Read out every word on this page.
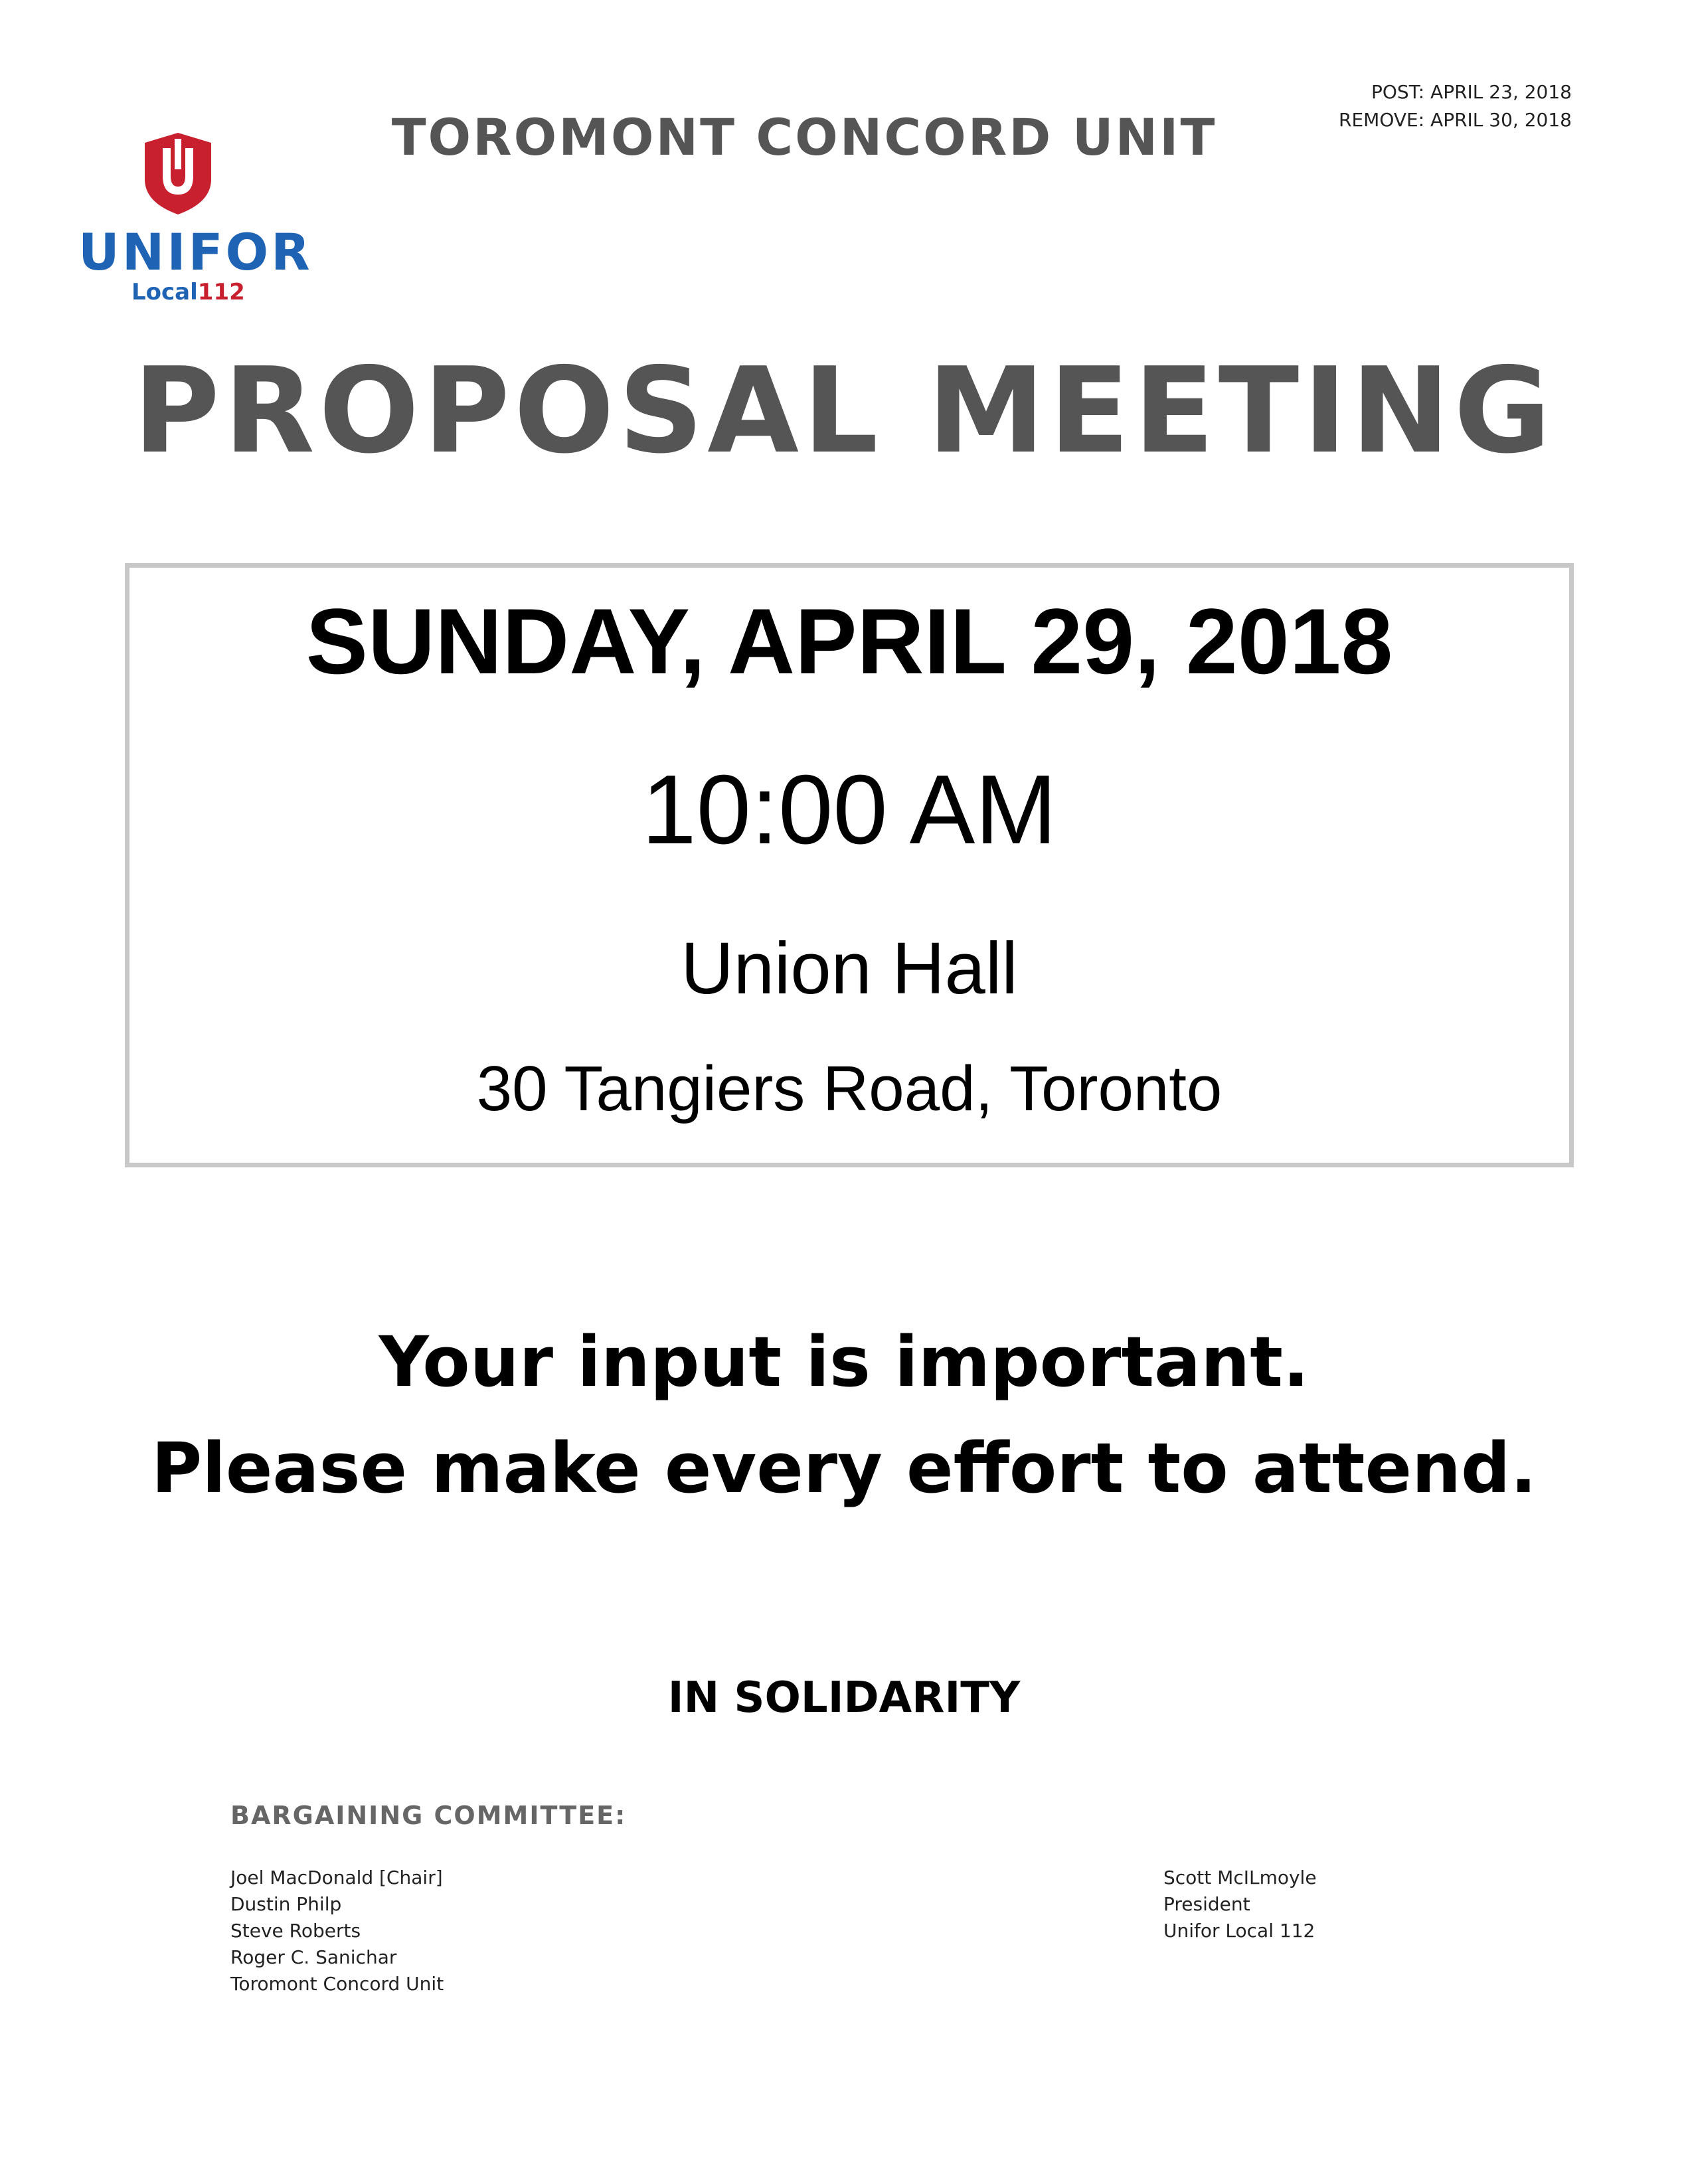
POST: APRIL 23, 2018
REMOVE: APRIL 30, 2018
TOROMONT CONCORD UNIT
UNIFOR
Local112
PROPOSAL MEETING
SUNDAY, APRIL 29, 2018
10:00 AM
Union Hall
30 Tangiers Road, Toronto
Your input is important.
Please make every effort to attend.
IN SOLIDARITY
BARGAINING COMMITTEE:
Joel MacDonald [Chair]
Dustin Philp
Steve Roberts
Roger C. Sanichar
Toromont Concord Unit
Scott McILmoyle
President
Unifor Local 112
